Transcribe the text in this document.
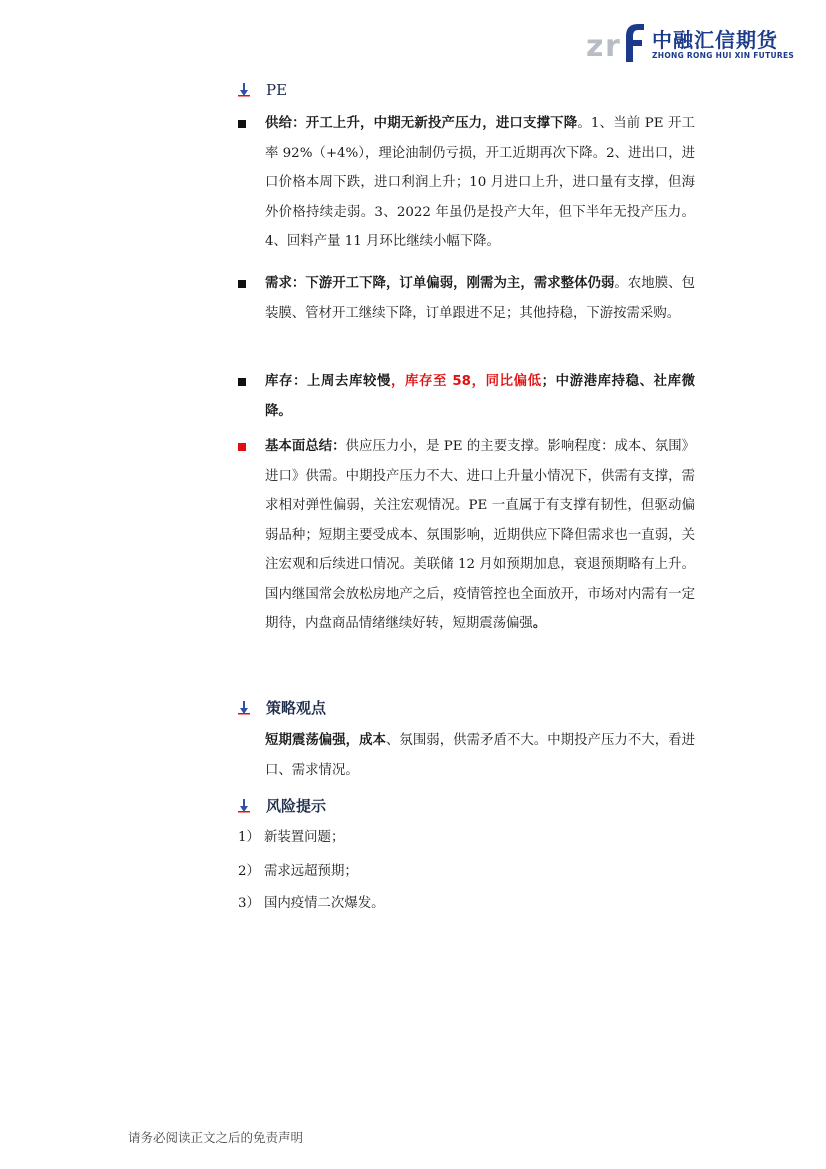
z r 中融汇信期货
ZHONG RONG HUI XIN FUTURES
PE
供给：开工上升，中期无新投产压力，进口支撑下降。1、当前 PE 开工率 92%（+4%），理论油制仍亏损，开工近期再次下降。2、进出口，进口价格本周下跌，进口利润上升；10 月进口上升，进口量有支撑，但海外价格持续走弱。3、2022 年虽仍是投产大年，但下半年无投产压力。4、回料产量 11 月环比继续小幅下降。
需求：下游开工下降，订单偏弱，刚需为主，需求整体仍弱。农地膜、包装膜、管材开工继续下降，订单跟进不足；其他持稳，下游按需采购。
库存：上周去库较慢，库存至 58，同比偏低；中游港库持稳、社库微降。
基本面总结：供应压力小，是 PE 的主要支撑。影响程度：成本、氛围》进口》供需。中期投产压力不大、进口上升量小情况下，供需有支撑，需求相对弹性偏弱，关注宏观情况。PE 一直属于有支撑有韧性，但驱动偏弱品种；短期主要受成本、氛围影响，近期供应下降但需求也一直弱，关注宏观和后续进口情况。美联储 12 月如预期加息，衰退预期略有上升。国内继国常会放松房地产之后，疫情管控也全面放开，市场对内需有一定期待，内盘商品情绪继续好转，短期震荡偏强。
策略观点
短期震荡偏强，成本、氛围弱，供需矛盾不大。中期投产压力不大，看进口、需求情况。
风险提示
1） 新装置问题；
2） 需求远超预期；
3） 国内疫情二次爆发。
请务必阅读正文之后的免责声明
